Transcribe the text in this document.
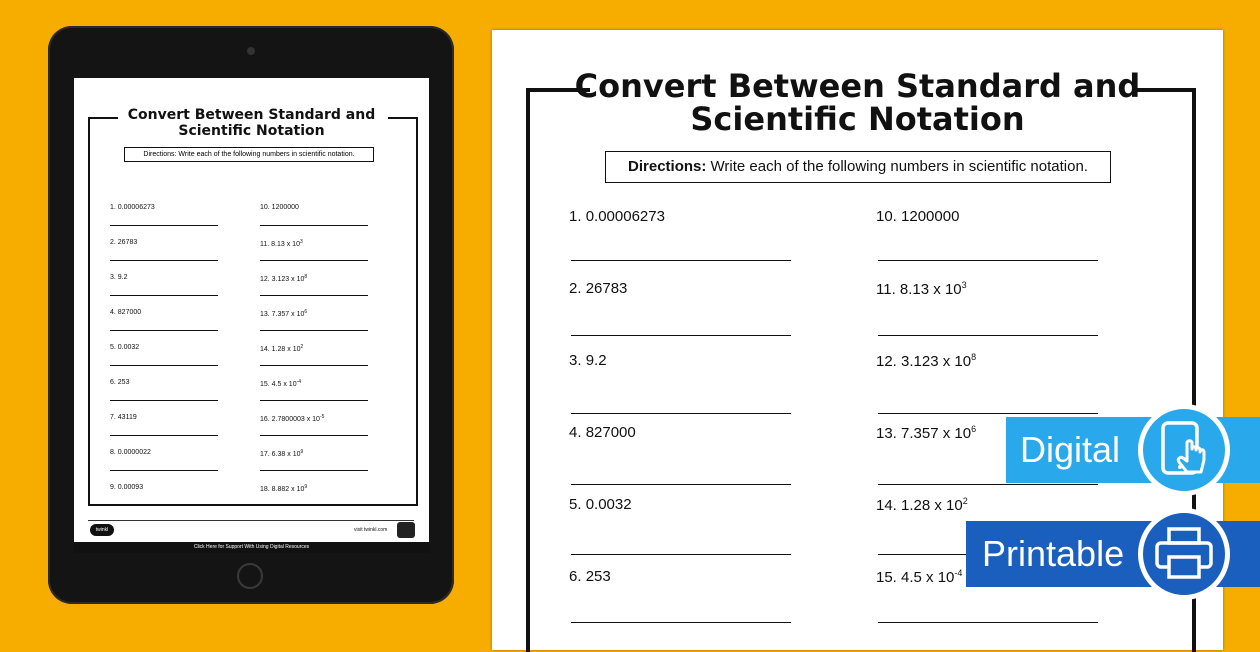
Convert Between Standard and
Scientific Notation
Directions: Write each of the following numbers in scientific notation.
1. 0.00006273
2. 26783
3. 9.2
4. 827000
5. 0.0032
6. 253
7. 43119
8. 0.0000022
9. 0.00093
10. 1200000
11. 8.13 x $10^3$
12. 3.123 x $10^8$
13. 7.357 x $10^6$
14. 1.28 x $10^2$
15. 4.5 x $10^{-4}$
16. 2.7800003 x $10^{-5}$
17. 6.38 x $10^9$
18. 8.882 x $10^9$
twinkl	visit twinkl.com
Click Here for Support With Using Digital Resources
Convert Between Standard and
Scientific Notation
Directions: Write each of the following numbers in scientific notation.
1. 0.00006273
2. 26783
3. 9.2
4. 827000
5. 0.0032
6. 253
10. 1200000
11. 8.13 x $10^3$
12. 3.123 x $10^8$
13. 7.357 x $10^6$
14. 1.28 x $10^2$
15. 4.5 x $10^{-4}$
Digital
Printable
